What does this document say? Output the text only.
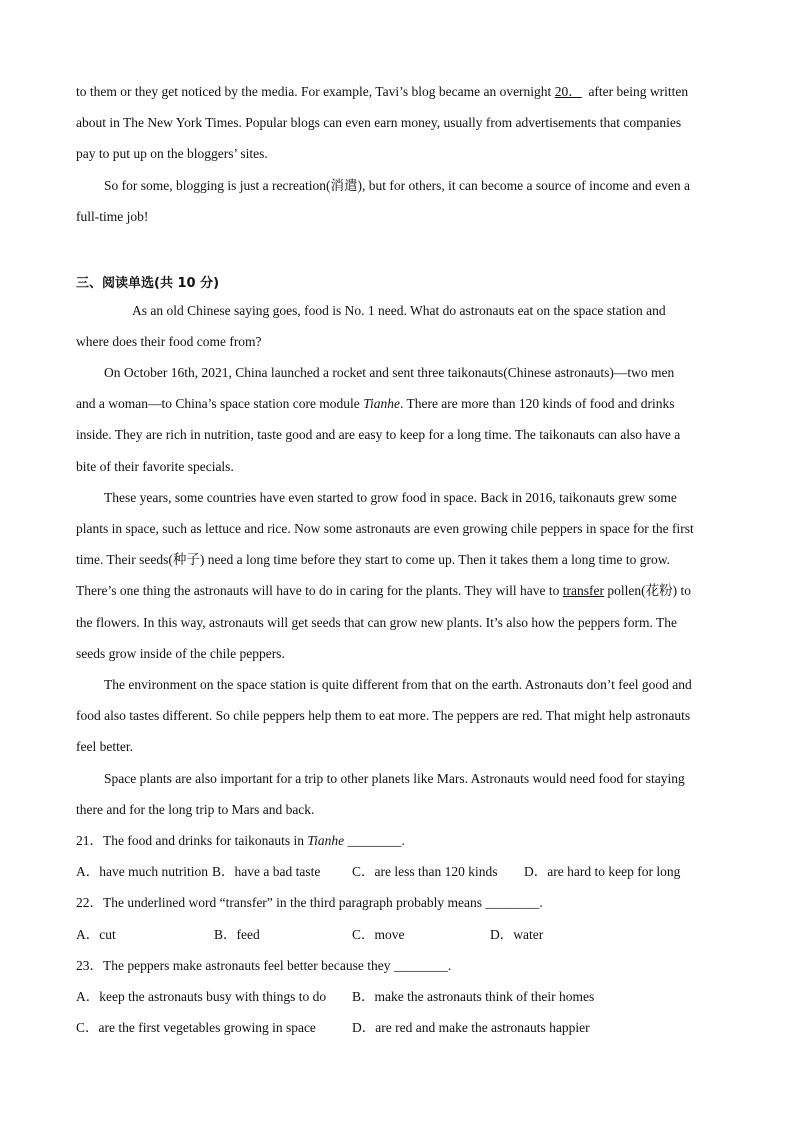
to them or they get noticed by the media. For example, Tavi’s blog became an overnight 20．  after being written
about in The New York Times. Popular blogs can even earn money, usually from advertisements that companies
pay to put up on the bloggers’ sites.
So for some, blogging is just a recreation(消遣), but for others, it can become a source of income and even a
full-time job!
三、阅读单选(共 10 分)
As an old Chinese saying goes, food is No. 1 need. What do astronauts eat on the space station and
where does their food come from?
On October 16th, 2021, China launched a rocket and sent three taikonauts(Chinese astronauts)—two men
and a woman—to China’s space station core module Tianhe. There are more than 120 kinds of food and drinks
inside. They are rich in nutrition, taste good and are easy to keep for a long time. The taikonauts can also have a
bite of their favorite specials.
These years, some countries have even started to grow food in space. Back in 2016, taikonauts grew some
plants in space, such as lettuce and rice. Now some astronauts are even growing chile peppers in space for the first
time. Their seeds(种子) need a long time before they start to come up. Then it takes them a long time to grow.
There’s one thing the astronauts will have to do in caring for the plants. They will have to transfer pollen(花粉) to
the flowers. In this way, astronauts will get seeds that can grow new plants. It’s also how the peppers form. The
seeds grow inside of the chile peppers.
The environment on the space station is quite different from that on the earth. Astronauts don’t feel good and
food also tastes different. So chile peppers help them to eat more. The peppers are red. That might help astronauts
feel better.
Space plants are also important for a trip to other planets like Mars. Astronauts would need food for staying
there and for the long trip to Mars and back.
21．The food and drinks for taikonauts in Tianhe ________.
A．have much nutrition B．have a bad taste C．are less than 120 kinds D．are hard to keep for long
22．The underlined word “transfer” in the third paragraph probably means ________.
A．cut	B．feed	C．move	D．water
23．The peppers make astronauts feel better because they ________.
A．keep the astronauts busy with things to do B．make the astronauts think of their homes
C．are the first vegetables growing in space	D．are red and make the astronauts happier
